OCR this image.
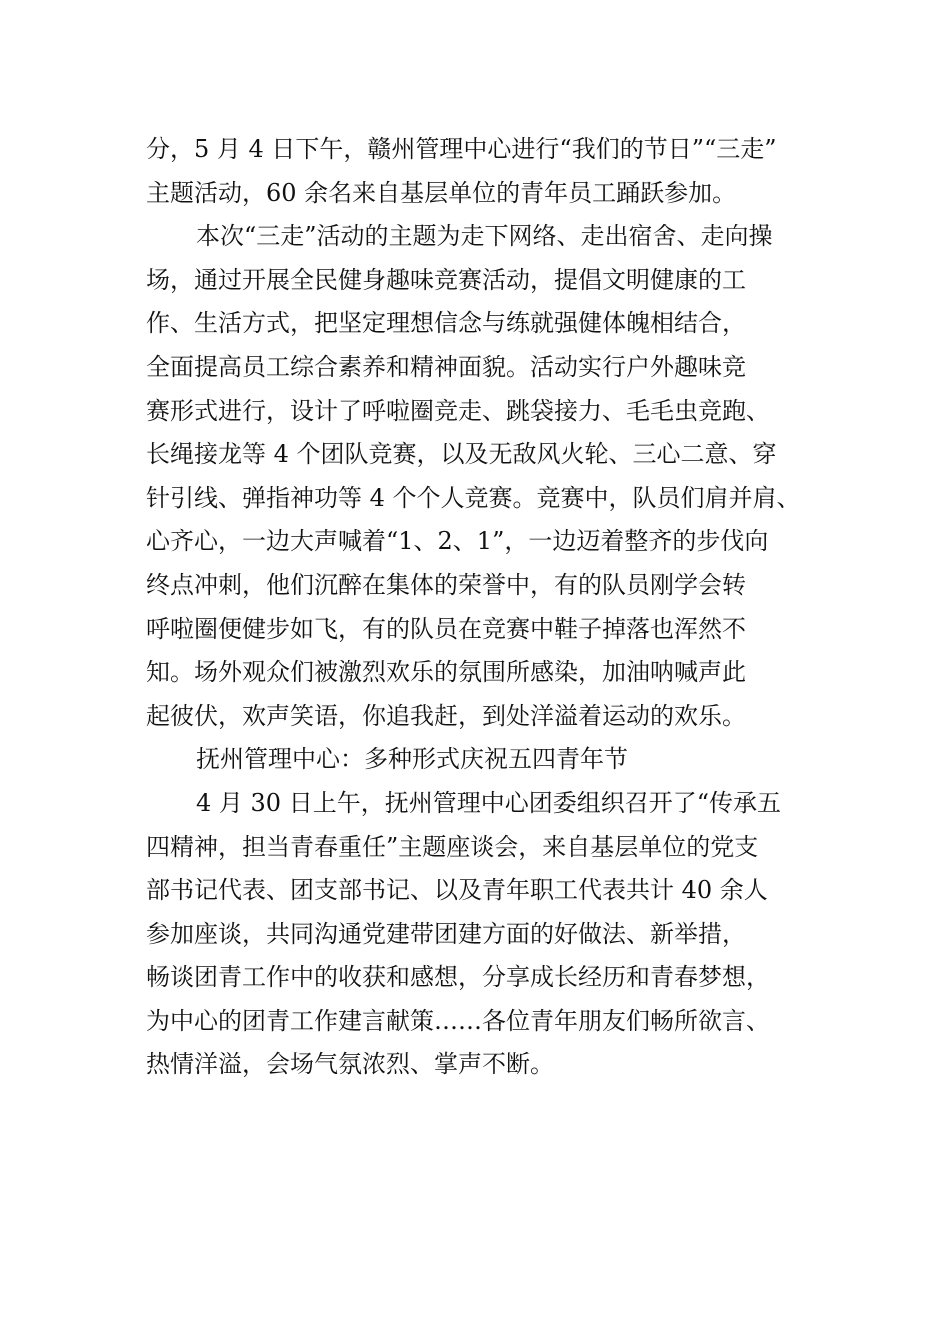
分，5 月 4 日下午，赣州管理中心进行“我们的节日”“三走”
主题活动，60 余名来自基层单位的青年员工踊跃参加。
本次“三走”活动的主题为走下网络、走出宿舍、走向操
场，通过开展全民健身趣味竞赛活动，提倡文明健康的工
作、生活方式，把坚定理想信念与练就强健体魄相结合，
全面提高员工综合素养和精神面貌。活动实行户外趣味竞
赛形式进行，设计了呼啦圈竞走、跳袋接力、毛毛虫竞跑、
长绳接龙等 4 个团队竞赛，以及无敌风火轮、三心二意、穿
针引线、弹指神功等 4 个个人竞赛。竞赛中，队员们肩并肩、
心齐心，一边大声喊着“1、2、1”，一边迈着整齐的步伐向
终点冲刺，他们沉醉在集体的荣誉中，有的队员刚学会转
呼啦圈便健步如飞，有的队员在竞赛中鞋子掉落也浑然不
知。场外观众们被激烈欢乐的氛围所感染，加油呐喊声此
起彼伏，欢声笑语，你追我赶，到处洋溢着运动的欢乐。
抚州管理中心：多种形式庆祝五四青年节
4 月 30 日上午，抚州管理中心团委组织召开了“传承五
四精神，担当青春重任”主题座谈会，来自基层单位的党支
部书记代表、团支部书记、以及青年职工代表共计 40 余人
参加座谈，共同沟通党建带团建方面的好做法、新举措，
畅谈团青工作中的收获和感想，分享成长经历和青春梦想，
为中心的团青工作建言献策……各位青年朋友们畅所欲言、
热情洋溢，会场气氛浓烈、掌声不断。
